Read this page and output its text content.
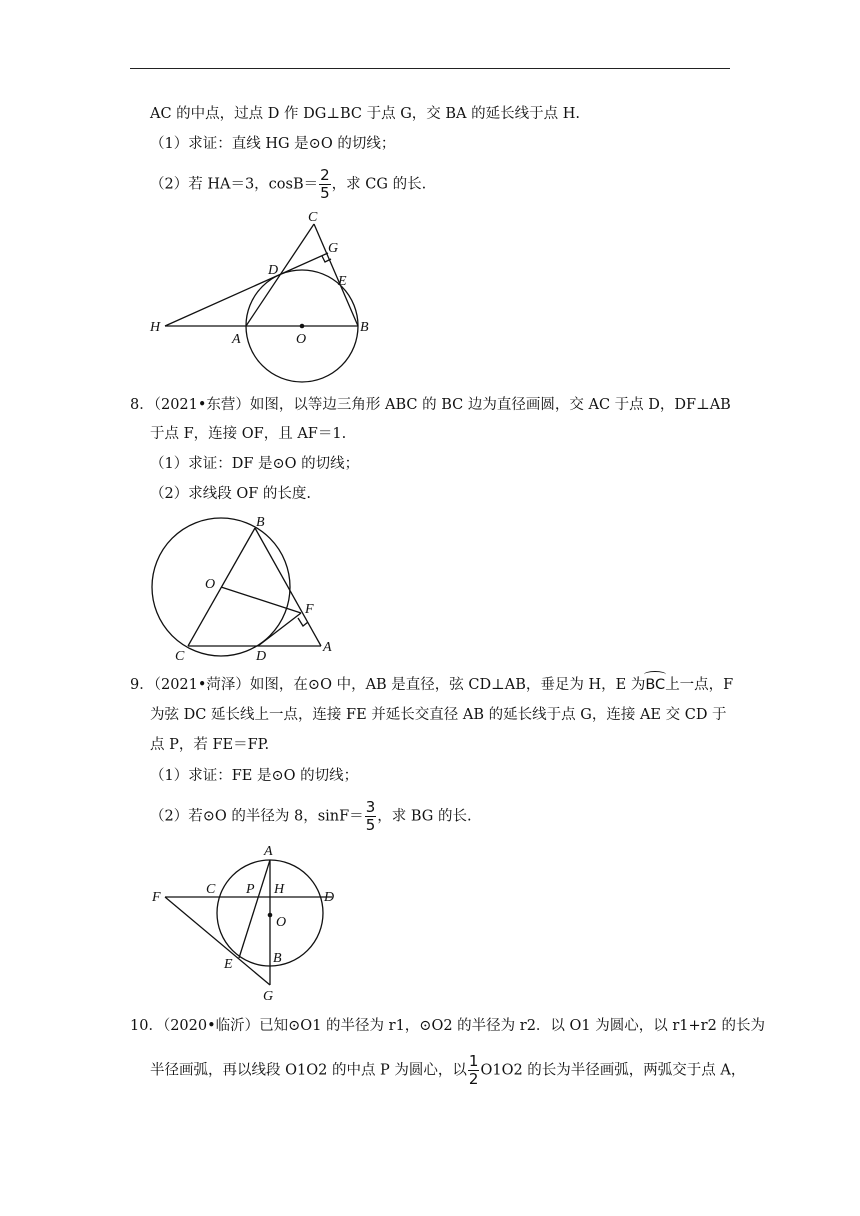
AC 的中点，过点 D 作 DG⊥BC 于点 G，交 BA 的延长线于点 H.
（1）求证：直线 HG 是⊙O 的切线；
（2）若 HA＝3，$\cos B= \frac{2}{5}$ ，求 CG 的长.
8．（2021•东营）如图，以等边三角形 ABC 的 BC 边为直径画圆，交 AC 于点 D，DF⊥AB
于点 F，连接 OF，且 AF＝1.
（1）求证：DF 是⊙O 的切线；
（2）求线段 OF 的长度.
9．（2021•菏泽）如图，在⊙O 中，AB 是直径，弦 CD⊥AB，垂足为 H，E 为BC上一点，F
为弦 DC 延长线上一点，连接 FE 并延长交直径 AB 的延长线于点 G，连接 AE 交 CD 于
点 P，若 FE＝FP.
（1）求证：FE 是⊙O 的切线；
（2）若⊙O 的半径为 8，$\sin F= \frac{3}{5}$ ，求 BG 的长.
10．（2020•临沂）已知⊙O1 的半径为 r1，⊙O2 的半径为 r2．以 O1 为圆心，以 r1+r2 的长为
半径画弧，再以线段 O1O2 的中点 P 为圆心，以 $\frac{1}{2} O1O2$ 的长为半径画弧，两弧交于点 A，
C
G
D
E
H
A	O
B
B
O
F
C	D
A
A
F
C P H
D
O
E	B
G
